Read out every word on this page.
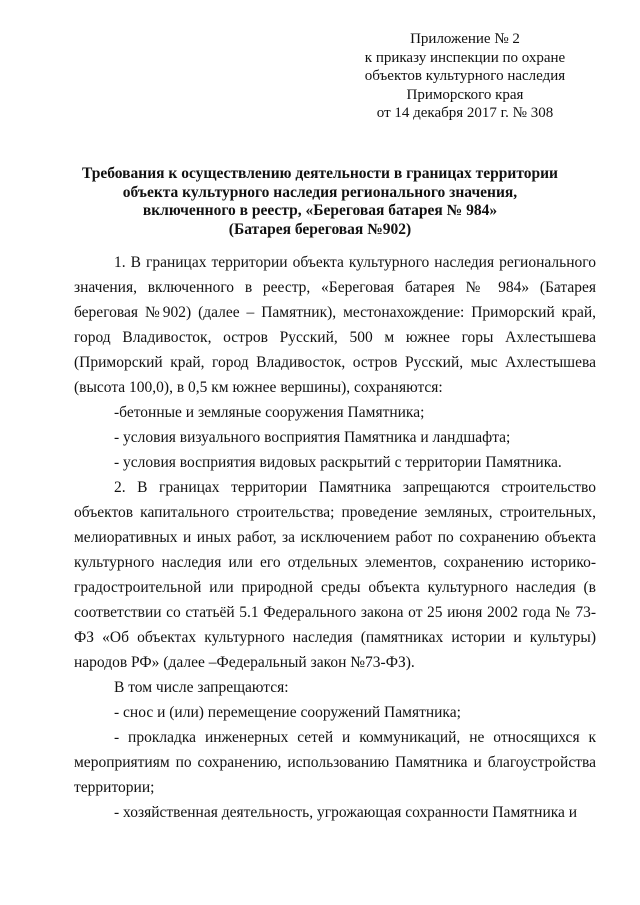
Приложение № 2
к приказу инспекции по охране
объектов культурного наследия
Приморского края
от 14 декабря 2017 г. № 308
Требования к осуществлению деятельности в границах территории
объекта культурного наследия регионального значения,
включенного в реестр, «Береговая батарея № 984»
(Батарея береговая №902)

1. В границах территории объекта культурного наследия регионального значения, включенного в реестр, «Береговая батарея № 984» (Батарея береговая №902) (далее – Памятник), местонахождение: Приморский край, город Владивосток, остров Русский, 500 м южнее горы Ахлестышева (Приморский край, город Владивосток, остров Русский, мыс Ахлестышева (высота 100,0), в 0,5 км южнее вершины), сохраняются:

-бетонные и земляные сооружения Памятника;

- условия визуального восприятия Памятника и ландшафта;

- условия восприятия видовых раскрытий с территории Памятника.

2. В границах территории Памятника запрещаются строительство объектов капитального строительства; проведение земляных, строительных, мелиоративных и иных работ, за исключением работ по сохранению объекта культурного наследия или его отдельных элементов, сохранению историко-градостроительной или природной среды объекта культурного наследия (в соответствии со статьёй 5.1 Федерального закона от 25 июня 2002 года № 73-ФЗ «Об объектах культурного наследия (памятниках истории и культуры) народов РФ» (далее –Федеральный закон №73-ФЗ).

В том числе запрещаются:

- снос и (или) перемещение сооружений Памятника;

- прокладка инженерных сетей и коммуникаций, не относящихся к мероприятиям по сохранению, использованию Памятника и благоустройства территории;

- хозяйственная деятельность, угрожающая сохранности Памятника и
